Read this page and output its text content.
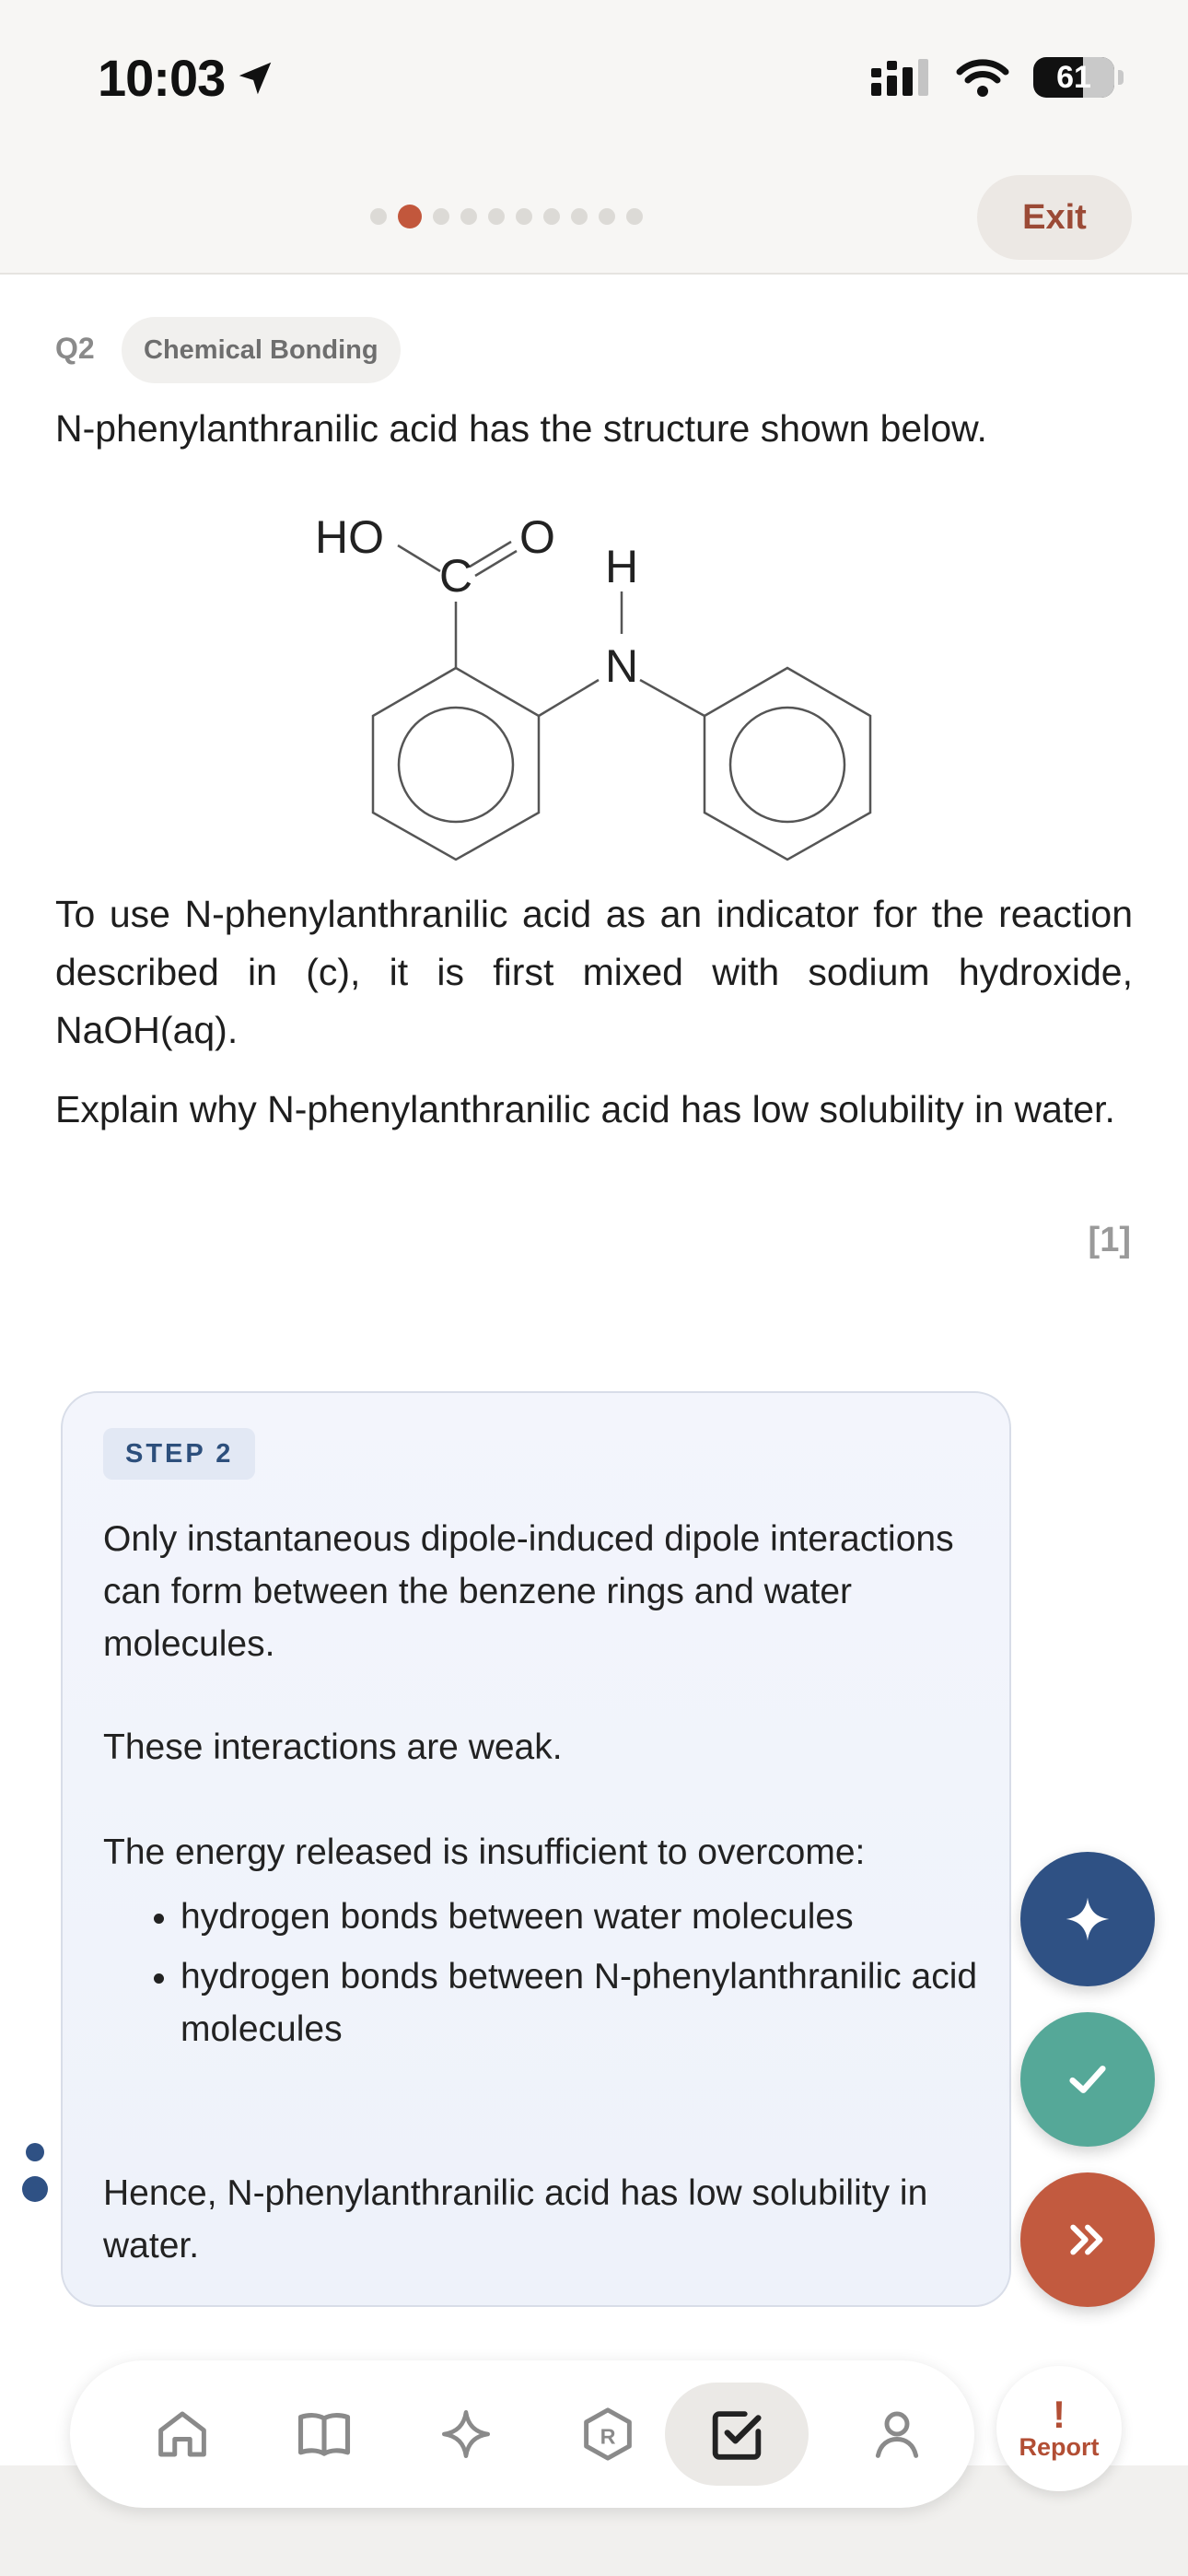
10:03	61
Exit
Q2	Chemical Bonding
N-phenylanthranilic acid has the structure shown below.
HO	O
C	H
N
To use N-phenylanthranilic acid as an indicator for the reaction described in (c), it is first mixed with sodium hydroxide, NaOH(aq).
Explain why N-phenylanthranilic acid has low solubility in water.
[1]
STEP 2
Only instantaneous dipole-induced dipole interactions can form between the benzene rings and water molecules.
These interactions are weak.
The energy released is insufficient to overcome:
• hydrogen bonds between water molecules
• hydrogen bonds between N-phenylanthranilic acid molecules
Hence, N-phenylanthranilic acid has low solubility in water.
R
!
Report
